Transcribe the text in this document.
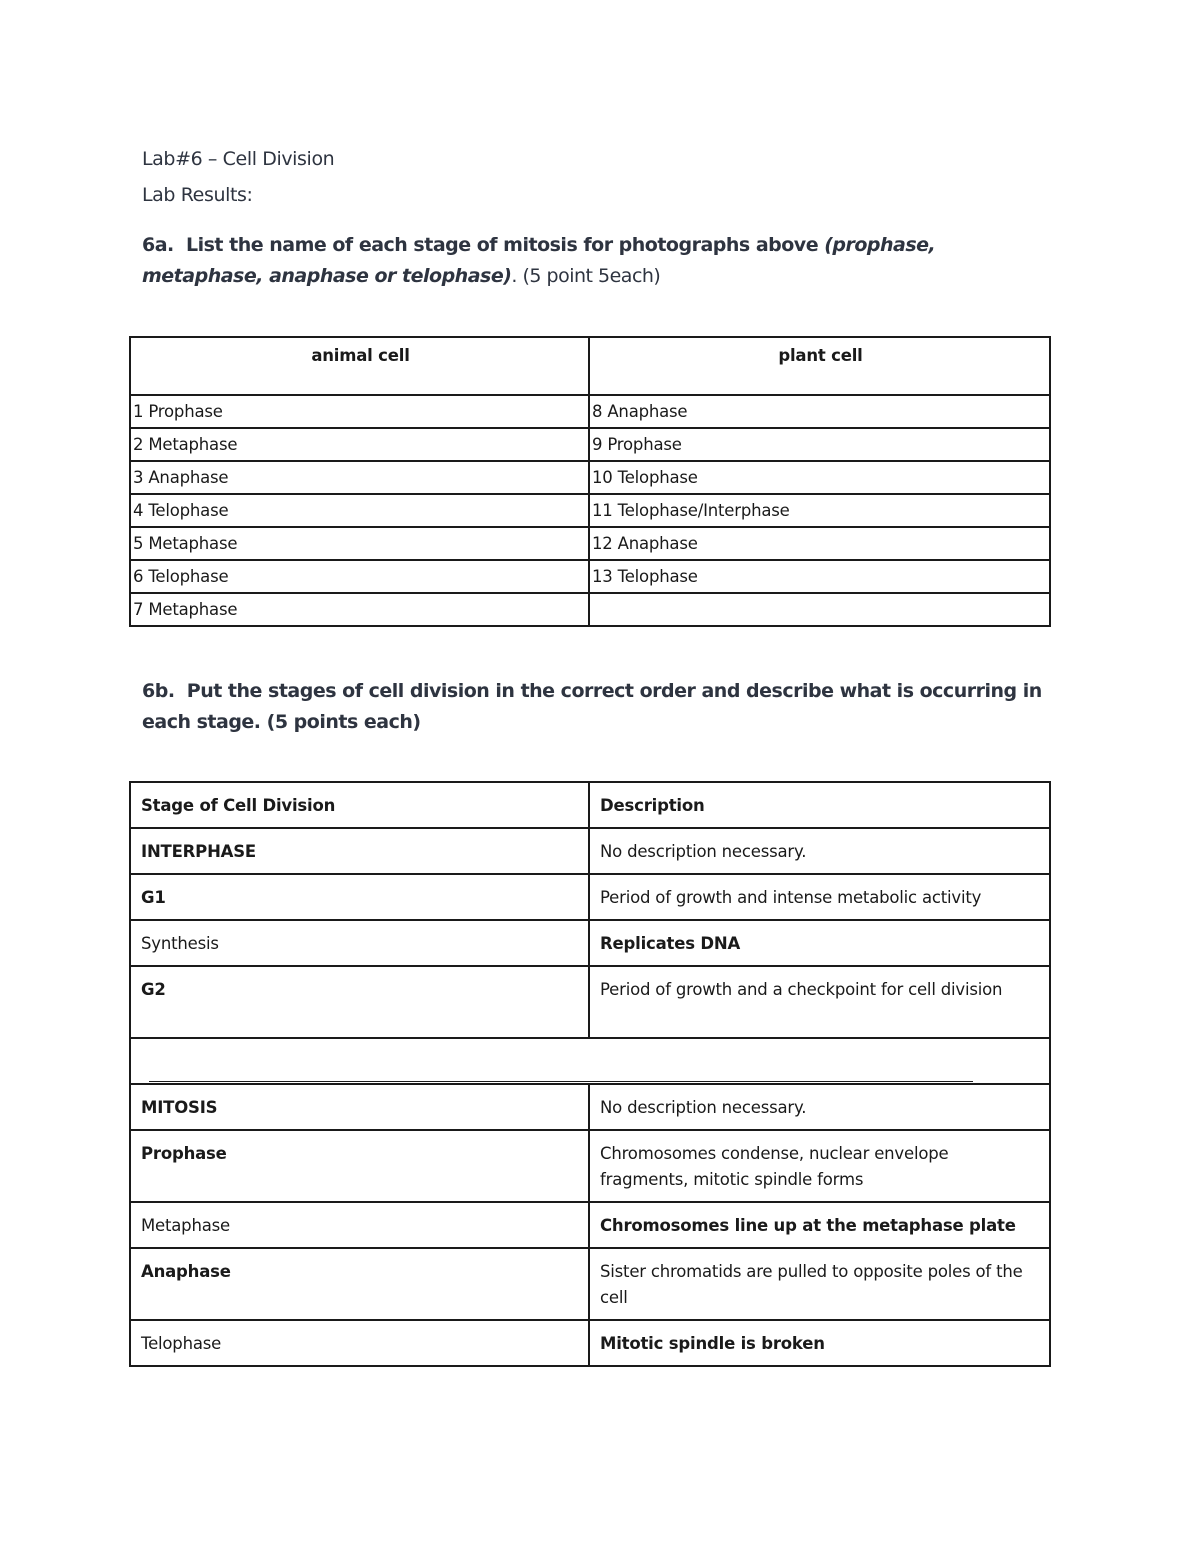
Lab#6 – Cell Division
Lab Results:
6a. List the name of each stage of mitosis for photographs above (prophase, metaphase, anaphase or telophase). (5 point 5each)
animal cell	plant cell
1 Prophase	8 Anaphase
2 Metaphase	9 Prophase
3 Anaphase	10 Telophase
4 Telophase	11 Telophase/Interphase
5 Metaphase	12 Anaphase
6 Telophase	13 Telophase
7 Metaphase	
6b. Put the stages of cell division in the correct order and describe what is occurring in each stage. (5 points each)
Stage of Cell Division	Description
INTERPHASE	No description necessary.
G1	Period of growth and intense metabolic activity
Synthesis	Replicates DNA
G2	Period of growth and a checkpoint for cell division

MITOSIS	No description necessary.
Prophase	Chromosomes condense, nuclear envelope fragments, mitotic spindle forms
Metaphase	Chromosomes line up at the metaphase plate
Anaphase	Sister chromatids are pulled to opposite poles of the cell
Telophase	Mitotic spindle is broken
